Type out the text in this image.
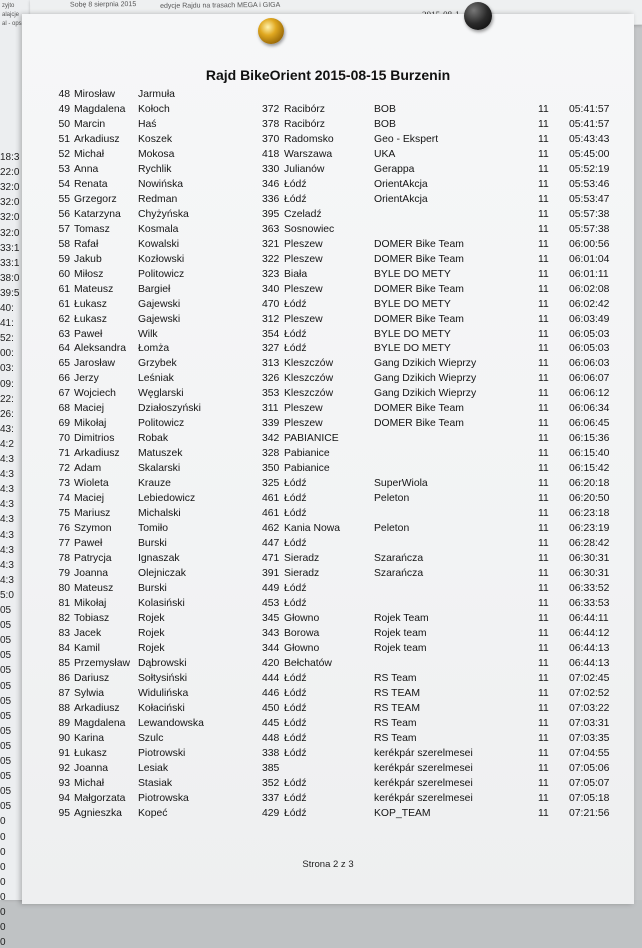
zyjto
alajcje
al - ops
18:3
22:0
32:0
32:0
32:0
32:0
33:1
33:1
38:0
39:5
40:
41:
52:
00:
03:
09:
22:
26:
43:
4:2
4:3
4:3
4:3
4:3
4:3
4:3
4:3
4:3
4:3
5:0
05
05
05
05
05
05
05
05
05
05
05
05
05
05
0
0
0
0
0
0
0
0
0
Sobę 8 sierpnia 2015	edycje Rajdu na trasach MEGA i GIGA
Rajd BikeOrient 2015-08-15 Burzenin
48 Mirosław Jarmuła
49 Magdalena Kołoch	372 Racibórz	BOB	11 05:41:57
50 Marcin	Haś	378 Racibórz	BOB	11 05:41:57
51 Arkadiusz Koszek	370 Radomsko	Geo - Ekspert	11 05:43:43
52 Michał	Mokosa	418 Warszawa	UKA	11 05:45:00
53 Anna	Rychlik	330 Julianów	Gerappa	11 05:52:19
54 Renata	Nowińska	346 Łódź	OrientAkcja	11 05:53:46
55 Grzegorz Redman	336 Łódź	OrientAkcja	11 05:53:47
56 Katarzyna Chyżyńska	395 Czeladź	11 05:57:38
57 Tomasz	Kosmala	363 Sosnowiec	11 05:57:38
58 Rafał	Kowalski	321 Pleszew	DOMER Bike Team	11 06:00:56
59 Jakub	Kozłowski	322 Pleszew	DOMER Bike Team	11 06:01:04
60 Miłosz	Politowicz	323 Biała	BYLE DO METY	11 06:01:11
61 Mateusz Bargieł	340 Pleszew	DOMER Bike Team	11 06:02:08
61 Łukasz	Gajewski	470 Łódź	BYLE DO METY	11 06:02:42
62 Łukasz	Gajewski	312 Pleszew	DOMER Bike Team	11 06:03:49
63 Paweł	Wilk	354 Łódź	BYLE DO METY	11 06:05:03
64 Aleksandra Łomża	327 Łódź	BYLE DO METY	11 06:05:03
65 Jarosław Grzybek	313 Kleszczów	Gang Dzikich Wieprzy	11 06:06:03
66 Jerzy	Leśniak	326 Kleszczów	Gang Dzikich Wieprzy	11 06:06:07
67 Wojciech Węglarski	353 Kleszczów	Gang Dzikich Wieprzy	11 06:06:12
68 Maciej	Działoszyński	311 Pleszew	DOMER Bike Team	11 06:06:34
69 Mikołaj	Politowicz	339 Pleszew	DOMER Bike Team	11 06:06:45
70 Dimitrios Robak	342 PABIANICE	11 06:15:36
71 Arkadiusz Matuszek	328 Pabianice	11 06:15:40
72 Adam	Skalarski	350 Pabianice	11 06:15:42
73 Wioleta	Krauze	325 Łódź	SuperWiola	11 06:20:18
74 Maciej	Lebiedowicz	461 Łódź	Peleton	11 06:20:50
75 Mariusz	Michalski	461 Łódź	11 06:23:18
76 Szymon	Tomiło	462 Kania Nowa	Peleton	11 06:23:19
77 Paweł	Burski	447 Łódź	11 06:28:42
78 Patrycja	Ignaszak	471 Sieradz	Szarańcza	11 06:30:31
79 Joanna	Olejniczak	391 Sieradz	Szarańcza	11 06:30:31
80 Mateusz Burski	449 Łódź	11 06:33:52
81 Mikołaj	Kolasiński	453 Łódź	11 06:33:53
82 Tobiasz	Rojek	345 Głowno	Rojek Team	11 06:44:11
83 Jacek	Rojek	343 Borowa	Rojek team	11 06:44:12
84 Kamil	Rojek	344 Głowno	Rojek team	11 06:44:13
85 Przemysław Dąbrowski	420 Bełchatów	11 06:44:13
86 Dariusz	Sołtysiński	444 Łódź	RS Team	11 07:02:45
87 Sylwia	Widulińska	446 Łódź	RS TEAM	11 07:02:52
88 Arkadiusz Kołaciński	450 Łódź	RS TEAM	11 07:03:22
89 Magdalena Lewandowska	445 Łódź	RS Team	11 07:03:31
90 Karina	Szulc	448 Łódź	RS Team	11 07:03:35
91 Łukasz	Piotrowski	338 Łódź	kerékpár szerelmesei	11 07:04:55
92 Joanna	Lesiak	385	kerékpár szerelmesei	11 07:05:06
93 Michał	Stasiak	352 Łódź	kerékpár szerelmesei	11 07:05:07
94 Małgorzata Piotrowska	337 Łódź	kerékpár szerelmesei	11 07:05:18
95 Agnieszka Kopeć	429 Łódź	KOP_TEAM	11 07:21:56
Strona 2 z 3
